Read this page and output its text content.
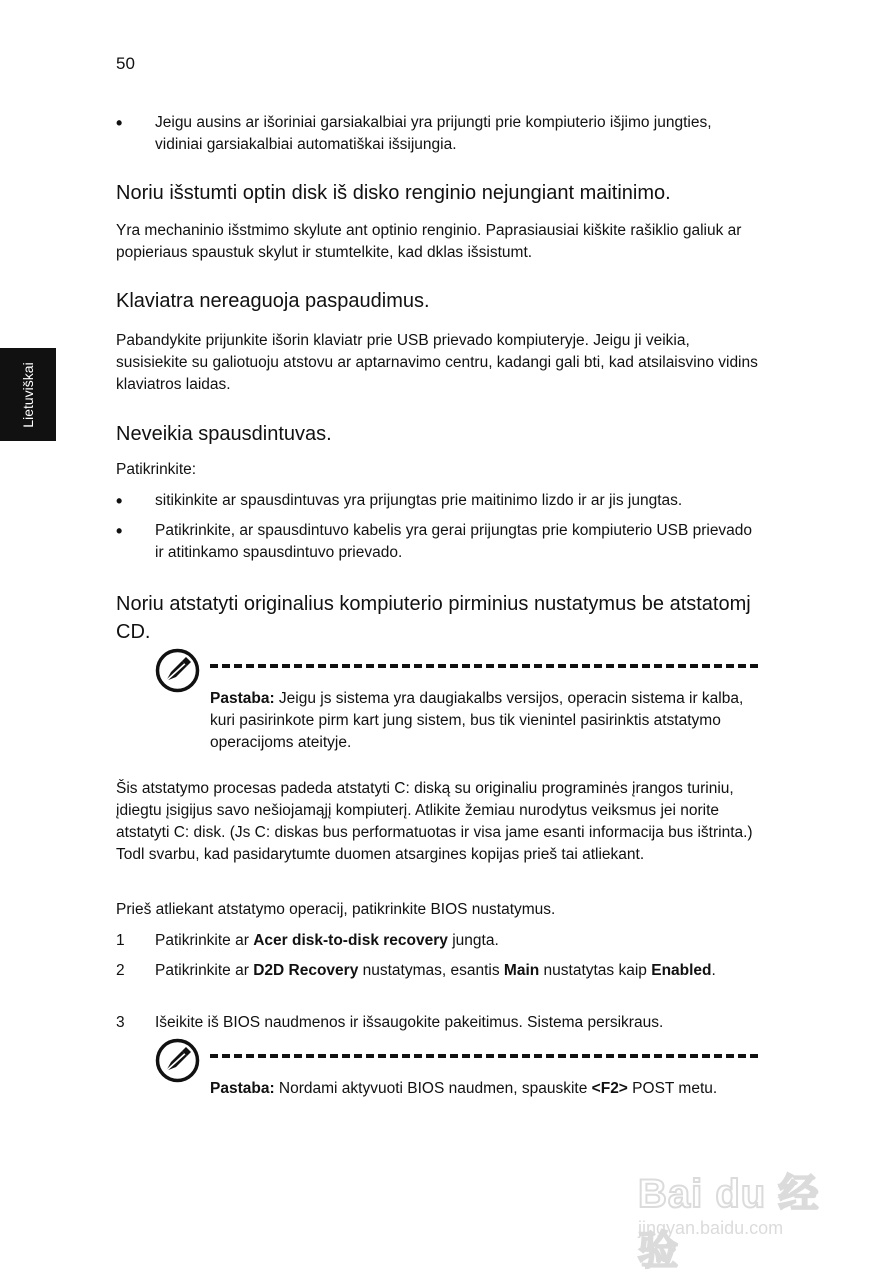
50
Lietuviškai
•	Jeigu ausins ar išoriniai garsiakalbiai yra prijungti prie kompiuterio išjimo jungties, vidiniai garsiakalbiai automatiškai išsijungia.
Noriu išstumti optin disk iš disko renginio nejungiant maitinimo.
Yra mechaninio išstmimo skylute ant optinio renginio. Paprasiausiai kiškite rašiklio galiuk ar popieriaus spaustuk skylut ir stumtelkite, kad dklas išsistumt.
Klaviatra nereaguoja paspaudimus.
Pabandykite prijunkite išorin klaviatr prie USB prievado kompiuteryje. Jeigu ji veikia, susisiekite su galiotuoju atstovu ar aptarnavimo centru, kadangi gali bti, kad atsilaisvino vidins klaviatros laidas.
Neveikia spausdintuvas.
Patikrinkite:
•	sitikinkite ar spausdintuvas yra prijungtas prie maitinimo lizdo ir ar jis jungtas.
•	Patikrinkite, ar spausdintuvo kabelis yra gerai prijungtas prie kompiuterio USB prievado ir atitinkamo spausdintuvo prievado.
Noriu atstatyti originalius kompiuterio pirminius nustatymus be atstatomj CD.
Pastaba: Jeigu js sistema yra daugiakalbs versijos, operacin sistema ir kalba, kuri pasirinkote pirm kart jung sistem, bus tik vienintel pasirinktis atstatymo operacijoms ateityje.
Šis atstatymo procesas padeda atstatyti C: diską su originaliu programinės įrangos turiniu, įdiegtu įsigijus savo nešiojamąjį kompiuterį. Atlikite žemiau nurodytus veiksmus jei norite atstatyti C: disk. (Js C: diskas bus performatuotas ir visa jame esanti informacija bus ištrinta.) Todl svarbu, kad pasidarytumte duomen atsargines kopijas prieš tai atliekant.
Prieš atliekant atstatymo operacij, patikrinkite BIOS nustatymus.
1	Patikrinkite ar Acer disk-to-disk recovery jungta.
2	Patikrinkite ar D2D Recovery nustatymas, esantis Main nustatytas kaip Enabled.
3	Išeikite iš BIOS naudmenos ir išsaugokite pakeitimus. Sistema persikraus.
Pastaba: Nordami aktyvuoti BIOS naudmen, spauskite <F2> POST metu.
Bai du 经验
jingyan.baidu.com
